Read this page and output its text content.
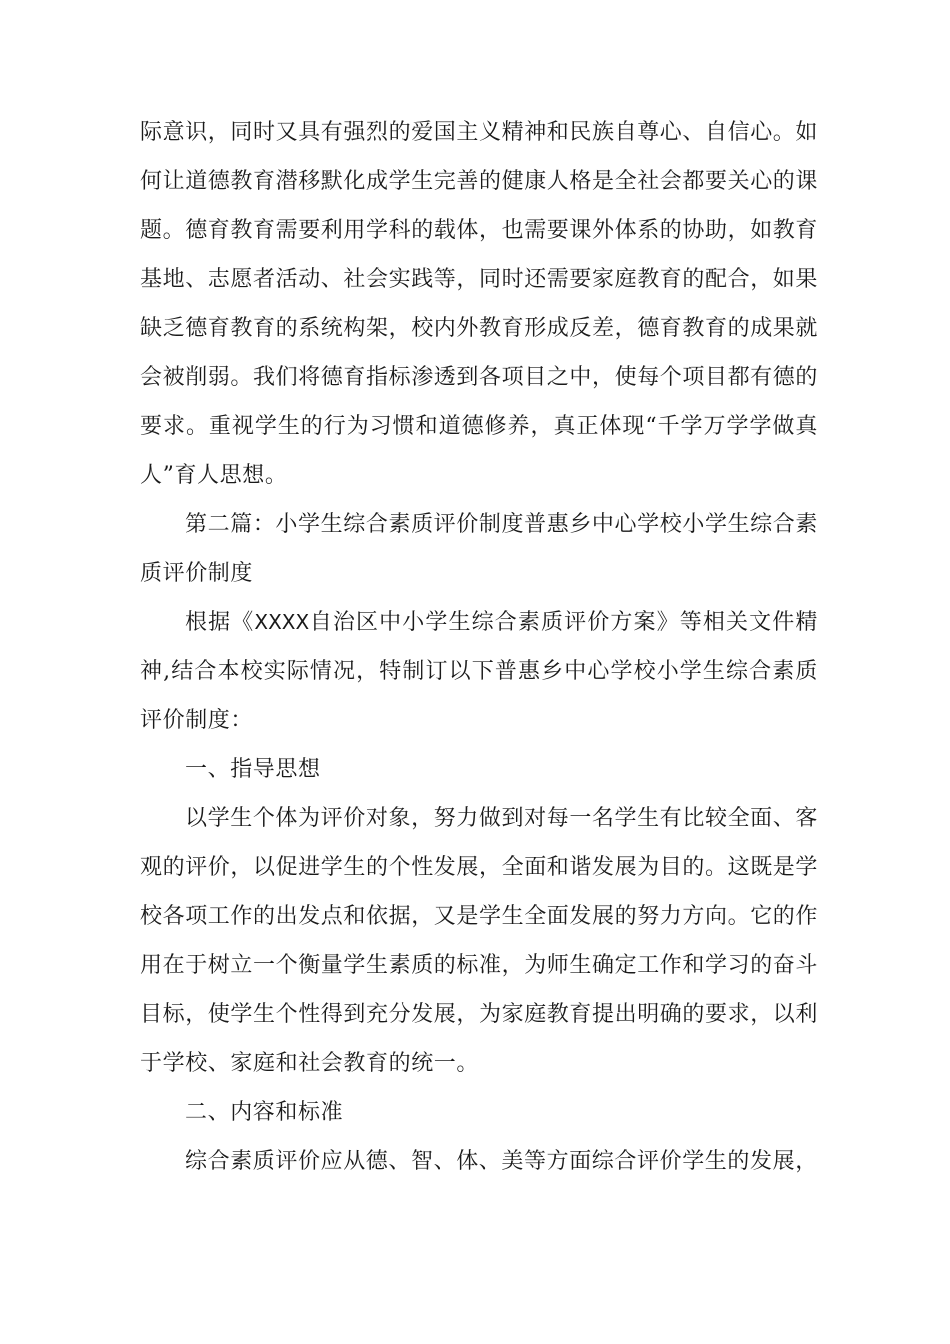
际意识，同时又具有强烈的爱国主义精神和民族自尊心、自信心。如何让道德教育潜移默化成学生完善的健康人格是全社会都要关心的课题。德育教育需要利用学科的载体，也需要课外体系的协助，如教育基地、志愿者活动、社会实践等，同时还需要家庭教育的配合，如果缺乏德育教育的系统构架，校内外教育形成反差，德育教育的成果就会被削弱。我们将德育指标渗透到各项目之中，使每个项目都有德的要求。重视学生的行为习惯和道德修养，真正体现“千学万学学做真人”育人思想。

第二篇：小学生综合素质评价制度普惠乡中心学校小学生综合素质评价制度

根据《XXXX自治区中小学生综合素质评价方案》等相关文件精神,结合本校实际情况，特制订以下普惠乡中心学校小学生综合素质评价制度：

一、指导思想

以学生个体为评价对象，努力做到对每一名学生有比较全面、客观的评价，以促进学生的个性发展，全面和谐发展为目的。这既是学校各项工作的出发点和依据，又是学生全面发展的努力方向。它的作用在于树立一个衡量学生素质的标准，为师生确定工作和学习的奋斗目标，使学生个性得到充分发展，为家庭教育提出明确的要求，以利于学校、家庭和社会教育的统一。

二、内容和标准

综合素质评价应从德、智、体、美等方面综合评价学生的发展，
